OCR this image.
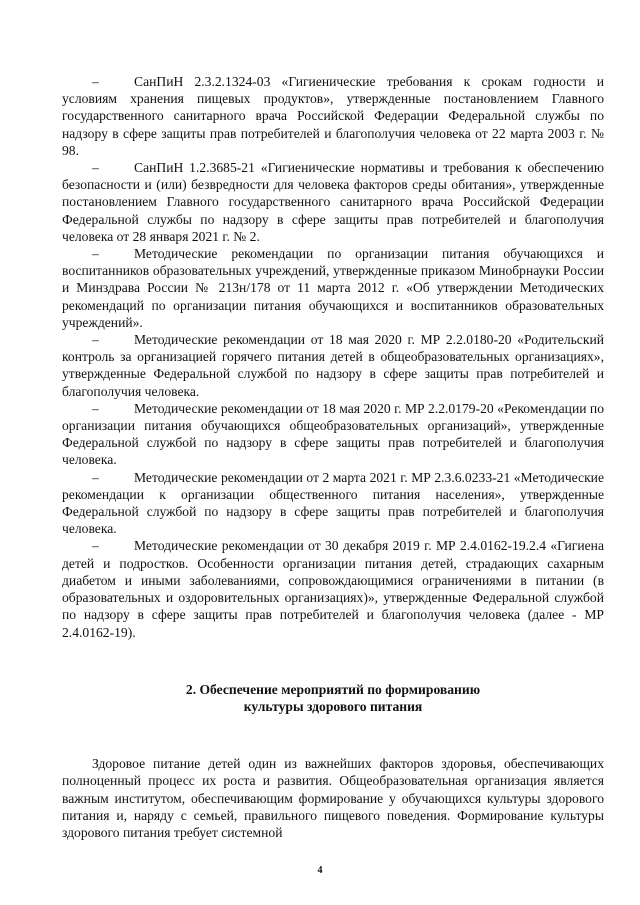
–	СанПиН 2.3.2.1324-03 «Гигиенические требования к срокам годности и условиям хранения пищевых продуктов», утвержденные постановлением Главного государственного санитарного врача Российской Федерации Федеральной службы по надзору в сфере защиты прав потребителей и благополучия человека от 22 марта 2003 г. № 98.

–	СанПиН 1.2.3685-21 «Гигиенические нормативы и требования к обеспечению безопасности и (или) безвредности для человека факторов среды обитания», утвержденные постановлением Главного государственного санитарного врача Российской Федерации Федеральной службы по надзору в сфере защиты прав потребителей и благополучия человека от 28 января 2021 г. № 2.

–	Методические рекомендации по организации питания обучающихся и воспитанников образовательных учреждений, утвержденные приказом Минобрнауки России и Минздрава России № 213н/178 от 11 марта 2012 г. «Об утверждении Методических рекомендаций по организации питания обучающихся и воспитанников образовательных учреждений».

–	Методические рекомендации от 18 мая 2020 г. МР 2.2.0180-20 «Родительский контроль за организацией горячего питания детей в общеобразовательных организациях», утвержденные Федеральной службой по надзору в сфере защиты прав потребителей и благополучия человека.

–	Методические рекомендации от 18 мая 2020 г. МР 2.2.0179-20 «Рекомендации по организации питания обучающихся общеобразовательных организаций», утвержденные Федеральной службой по надзору в сфере защиты прав потребителей и благополучия человека.

–	Методические рекомендации от 2 марта 2021 г. МР 2.3.6.0233-21 «Методические рекомендации к организации общественного питания населения», утвержденные Федеральной службой по надзору в сфере защиты прав потребителей и благополучия человека.

–	Методические рекомендации от 30 декабря 2019 г. МР 2.4.0162-19.2.4 «Гигиена детей и подростков. Особенности организации питания детей, страдающих сахарным диабетом и иными заболеваниями, сопровождающимися ограничениями в питании (в образовательных и оздоровительных организациях)», утвержденные Федеральной службой по надзору в сфере защиты прав потребителей и благополучия человека (далее - МР 2.4.0162-19).

2. Обеспечение мероприятий по формированию
культуры здорового питания

Здоровое питание детей один из важнейших факторов здоровья, обеспечивающих полноценный процесс их роста и развития. Общеобразовательная организация является важным институтом, обеспечивающим формирование у обучающихся культуры здорового питания и, наряду с семьей, правильного пищевого поведения. Формирование культуры здорового питания требует системной

4
